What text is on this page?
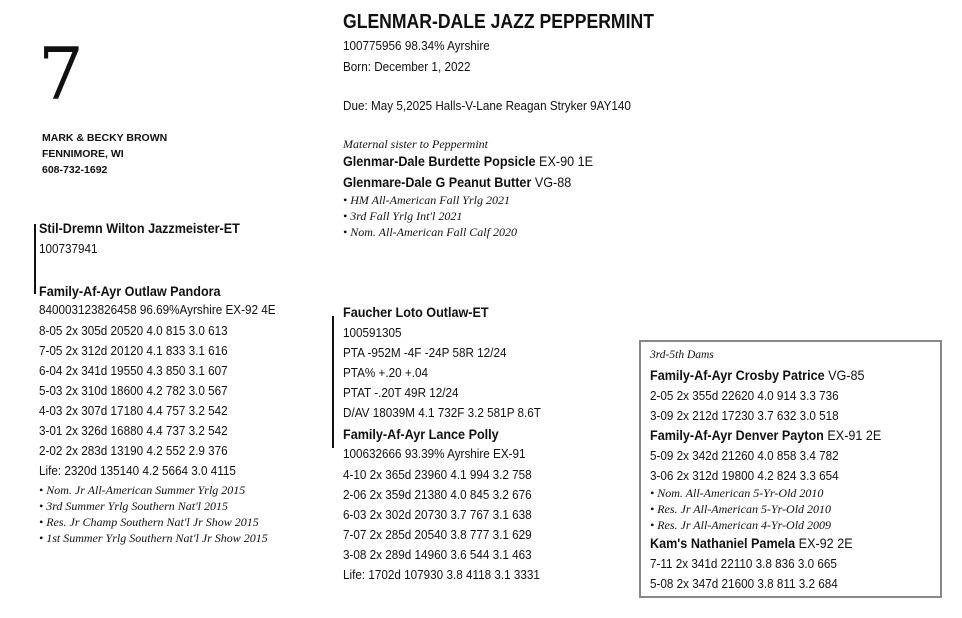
7
MARK & BECKY BROWN
FENNIMORE, WI
608-732-1692
GLENMAR-DALE JAZZ PEPPERMINT
100775956 98.34% Ayrshire
Born: December 1, 2022
Due: May 5,2025 Halls-V-Lane Reagan Stryker 9AY140
Maternal sister to Peppermint
Glenmar-Dale Burdette Popsicle EX-90 1E
Glenmare-Dale G Peanut Butter VG-88
• HM All-American Fall Yrlg 2021
• 3rd Fall Yrlg Int'l 2021
• Nom. All-American Fall Calf 2020
Stil-Dremn Wilton Jazzmeister-ET
100737941
Family-Af-Ayr Outlaw Pandora
840003123826458 96.69%Ayrshire EX-92 4E
8-05 2x 305d 20520 4.0 815 3.0 613
7-05 2x 312d 20120 4.1 833 3.1 616
6-04 2x 341d 19550 4.3 850 3.1 607
5-03 2x 310d 18600 4.2 782 3.0 567
4-03 2x 307d 17180 4.4 757 3.2 542
3-01 2x 326d 16880 4.4 737 3.2 542
2-02 2x 283d 13190 4.2 552 2.9 376
Life: 2320d 135140 4.2 5664 3.0 4115
• Nom. Jr All-American Summer Yrlg 2015
• 3rd Summer Yrlg Southern Nat'l 2015
• Res. Jr Champ Southern Nat'l Jr Show 2015
• 1st Summer Yrlg Southern Nat'l Jr Show 2015
Faucher Loto Outlaw-ET
100591305
PTA -952M -4F -24P 58R 12/24
PTA% +.20 +.04
PTAT -.20T 49R 12/24
D/AV 18039M 4.1 732F 3.2 581P 8.6T
Family-Af-Ayr Lance Polly
100632666 93.39% Ayrshire EX-91
4-10 2x 365d 23960 4.1 994 3.2 758
2-06 2x 359d 21380 4.0 845 3.2 676
6-03 2x 302d 20730 3.7 767 3.1 638
7-07 2x 285d 20540 3.8 777 3.1 629
3-08 2x 289d 14960 3.6 544 3.1 463
Life: 1702d 107930 3.8 4118 3.1 3331
3rd-5th Dams
Family-Af-Ayr Crosby Patrice VG-85
2-05 2x 355d 22620 4.0 914 3.3 736
3-09 2x 212d 17230 3.7 632 3.0 518
Family-Af-Ayr Denver Payton EX-91 2E
5-09 2x 342d 21260 4.0 858 3.4 782
3-06 2x 312d 19800 4.2 824 3.3 654
• Nom. All-American 5-Yr-Old 2010
• Res. Jr All-American 5-Yr-Old 2010
• Res. Jr All-American 4-Yr-Old 2009
Kam's Nathaniel Pamela EX-92 2E
7-11 2x 341d 22110 3.8 836 3.0 665
5-08 2x 347d 21600 3.8 811 3.2 684
